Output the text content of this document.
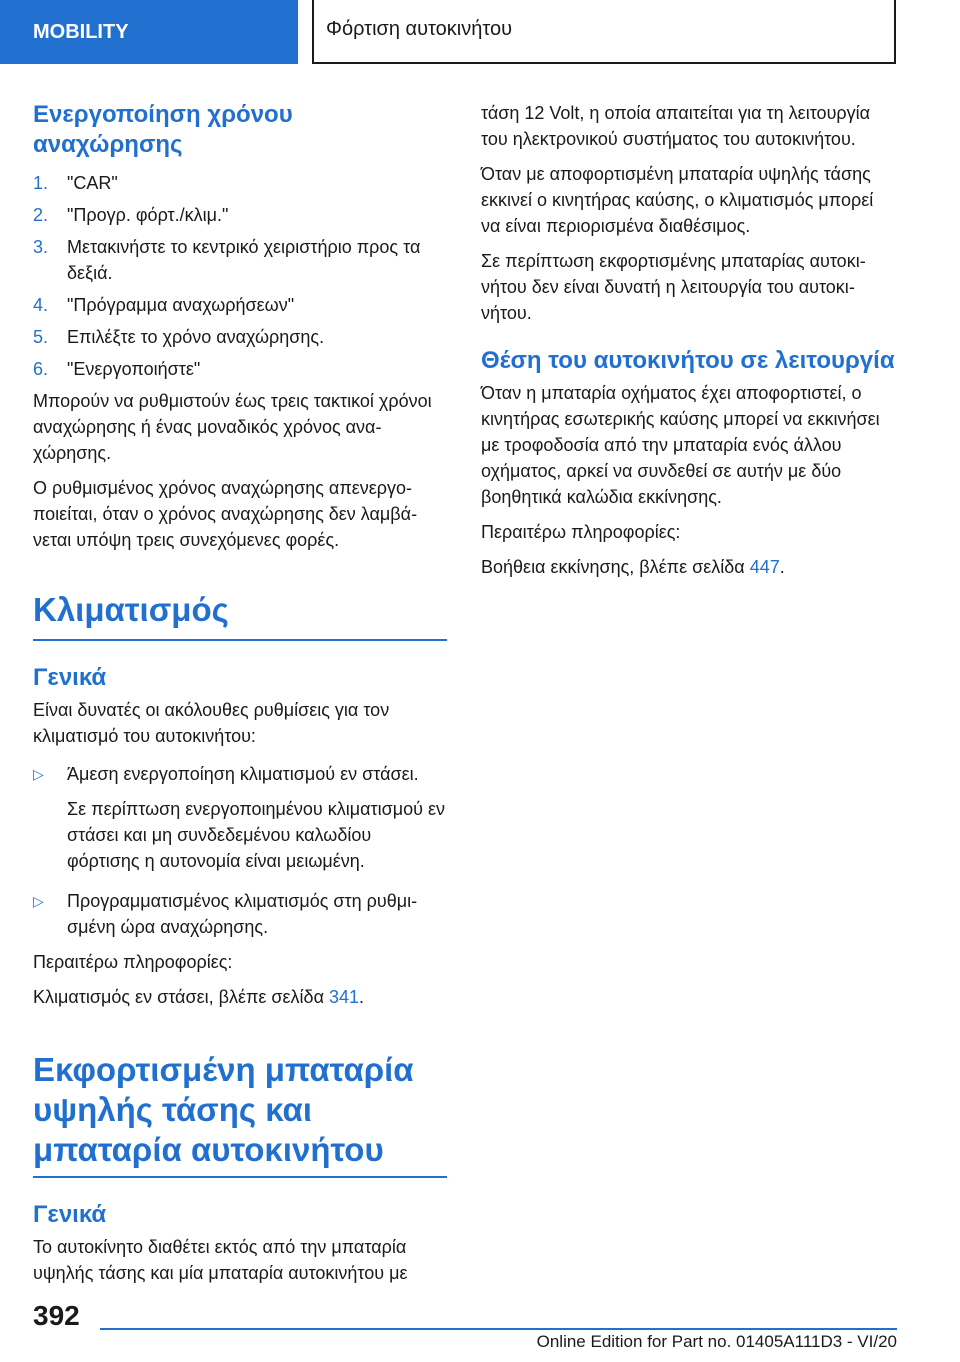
MOBILITY	Φόρτιση αυτοκινήτου
Ενεργοποίηση χρόνου αναχώρησης
1.	"CAR"
2.	"Προγρ. φόρτ./κλιμ."
3.	Μετακινήστε το κεντρικό χειριστήριο προς τα δεξιά.
4.	"Πρόγραμμα αναχωρήσεων"
5.	Επιλέξτε το χρόνο αναχώρησης.
6.	"Ενεργοποιήστε"

Μπορούν να ρυθμιστούν έως τρεις τακτικοί χρόνοι αναχώρησης ή ένας μοναδικός χρόνος αναχώρησης.

Ο ρυθμισμένος χρόνος αναχώρησης απενεργοποιείται, όταν ο χρόνος αναχώρησης δεν λαμβάνεται υπόψη τρεις συνεχόμενες φορές.

Κλιματισμός
Γενικά

Είναι δυνατές οι ακόλουθες ρυθμίσεις για τον κλιματισμό του αυτοκινήτου:

▷	Άμεση ενεργοποίηση κλιματισμού εν στάσει.

Σε περίπτωση ενεργοποιημένου κλιματισμού εν στάσει και μη συνδεδεμένου καλωδίου φόρτισης η αυτονομία είναι μειωμένη.

▷	Προγραμματισμένος κλιματισμός στη ρυθμισμένη ώρα αναχώρησης.

Περαιτέρω πληροφορίες:

Κλιματισμός εν στάσει, βλέπε σελίδα 341.

Εκφορτισμένη μπαταρία υψηλής τάσης και μπαταρία αυτοκινήτου
Γενικά

Το αυτοκίνητο διαθέτει εκτός από την μπαταρία υψηλής τάσης και μία μπαταρία αυτοκινήτου με

τάση 12 Volt, η οποία απαιτείται για τη λειτουργία του ηλεκτρονικού συστήματος του αυτοκινήτου.

Όταν με αποφορτισμένη μπαταρία υψηλής τάσης εκκινεί ο κινητήρας καύσης, ο κλιματισμός μπορεί να είναι περιορισμένα διαθέσιμος.

Σε περίπτωση εκφορτισμένης μπαταρίας αυτοκινήτου δεν είναι δυνατή η λειτουργία του αυτοκινήτου.

Θέση του αυτοκινήτου σε λειτουργία

Όταν η μπαταρία οχήματος έχει αποφορτιστεί, ο κινητήρας εσωτερικής καύσης μπορεί να εκκινήσει με τροφοδοσία από την μπαταρία ενός άλλου οχήματος, αρκεί να συνδεθεί σε αυτήν με δύο βοηθητικά καλώδια εκκίνησης.

Περαιτέρω πληροφορίες:

Βοήθεια εκκίνησης, βλέπε σελίδα 447.

392
Online Edition for Part no. 01405A111D3 - VI/20
